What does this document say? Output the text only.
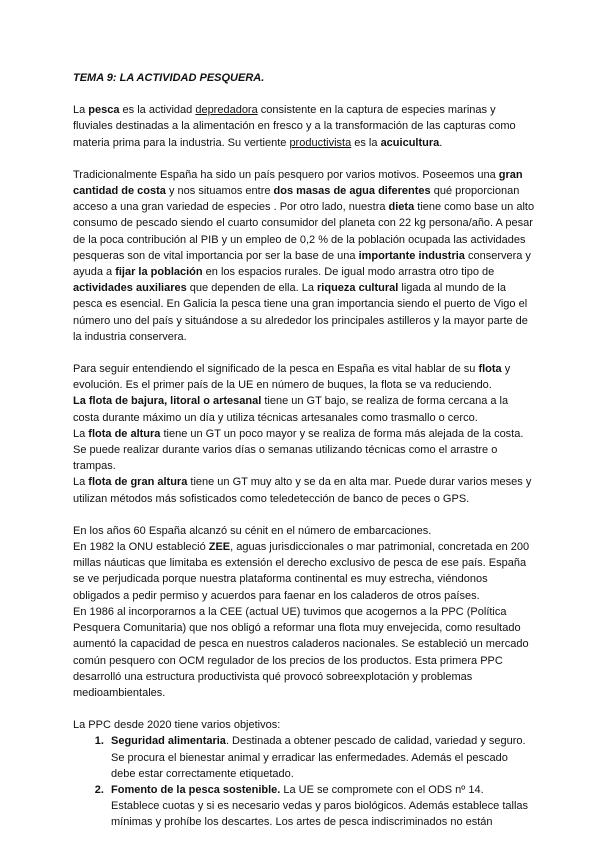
TEMA 9: LA ACTIVIDAD PESQUERA.

La pesca es la actividad depredadora consistente en la captura de especies marinas y fluviales destinadas a la alimentación en fresco y a la transformación de las capturas como materia prima para la industria. Su vertiente productivista es la acuicultura.

Tradicionalmente España ha sido un país pesquero por varios motivos. Poseemos una gran cantidad de costa y nos situamos entre dos masas de agua diferentes qué proporcionan acceso a una gran variedad de especies . Por otro lado, nuestra dieta tiene como base un alto consumo de pescado siendo el cuarto consumidor del planeta con 22 kg persona/año. A pesar de la poca contribución al PIB y un empleo de 0,2 % de la población ocupada las actividades pesqueras son de vital importancia por ser la base de una importante industria conservera y ayuda a fijar la población en los espacios rurales. De igual modo arrastra otro tipo de actividades auxiliares que dependen de ella. La riqueza cultural ligada al mundo de la pesca es esencial. En Galicia la pesca tiene una gran importancia siendo el puerto de Vigo el número uno del país y situándose a su alrededor los principales astilleros y la mayor parte de la industria conservera.

Para seguir entendiendo el significado de la pesca en España es vital hablar de su flota y evolución. Es el primer país de la UE en número de buques, la flota se va reduciendo.
La flota de bajura, litoral o artesanal tiene un GT bajo, se realiza de forma cercana a la costa durante máximo un día y utiliza técnicas artesanales como trasmallo o cerco.
La flota de altura tiene un GT un poco mayor y se realiza de forma más alejada de la costa. Se puede realizar durante varios días o semanas utilizando técnicas como el arrastre o trampas.
La flota de gran altura tiene un GT muy alto y se da en alta mar. Puede durar varios meses y utilizan métodos más sofisticados como teledetección de banco de peces o GPS.

En los años 60 España alcanzó su cénit en el número de embarcaciones.
En 1982 la ONU estableció ZEE, aguas jurisdiccionales o mar patrimonial, concretada en 200 millas náuticas que limitaba es extensión el derecho exclusivo de pesca de ese país. España se ve perjudicada porque nuestra plataforma continental es muy estrecha, viéndonos obligados a pedir permiso y acuerdos para faenar en los caladeros de otros países.
En 1986 al incorporarnos a la CEE (actual UE) tuvimos que acogernos a la PPC (Política Pesquera Comunitaria) que nos obligó a reformar una flota muy envejecida, como resultado aumentó la capacidad de pesca en nuestros caladeros nacionales. Se estableció un mercado común pesquero con OCM regulador de los precios de los productos. Esta primera PPC desarrolló una estructura productivista qué provocó sobreexplotación y problemas medioambientales.

La PPC desde 2020 tiene varios objetivos:
1. Seguridad alimentaria. Destinada a obtener pescado de calidad, variedad y seguro. Se procura el bienestar animal y erradicar las enfermedades. Además el pescado debe estar correctamente etiquetado.
2. Fomento de la pesca sostenible. La UE se compromete con el ODS nº 14. Establece cuotas y si es necesario vedas y paros biológicos. Además establece tallas mínimas y prohíbe los descartes. Los artes de pesca indiscriminados no están
